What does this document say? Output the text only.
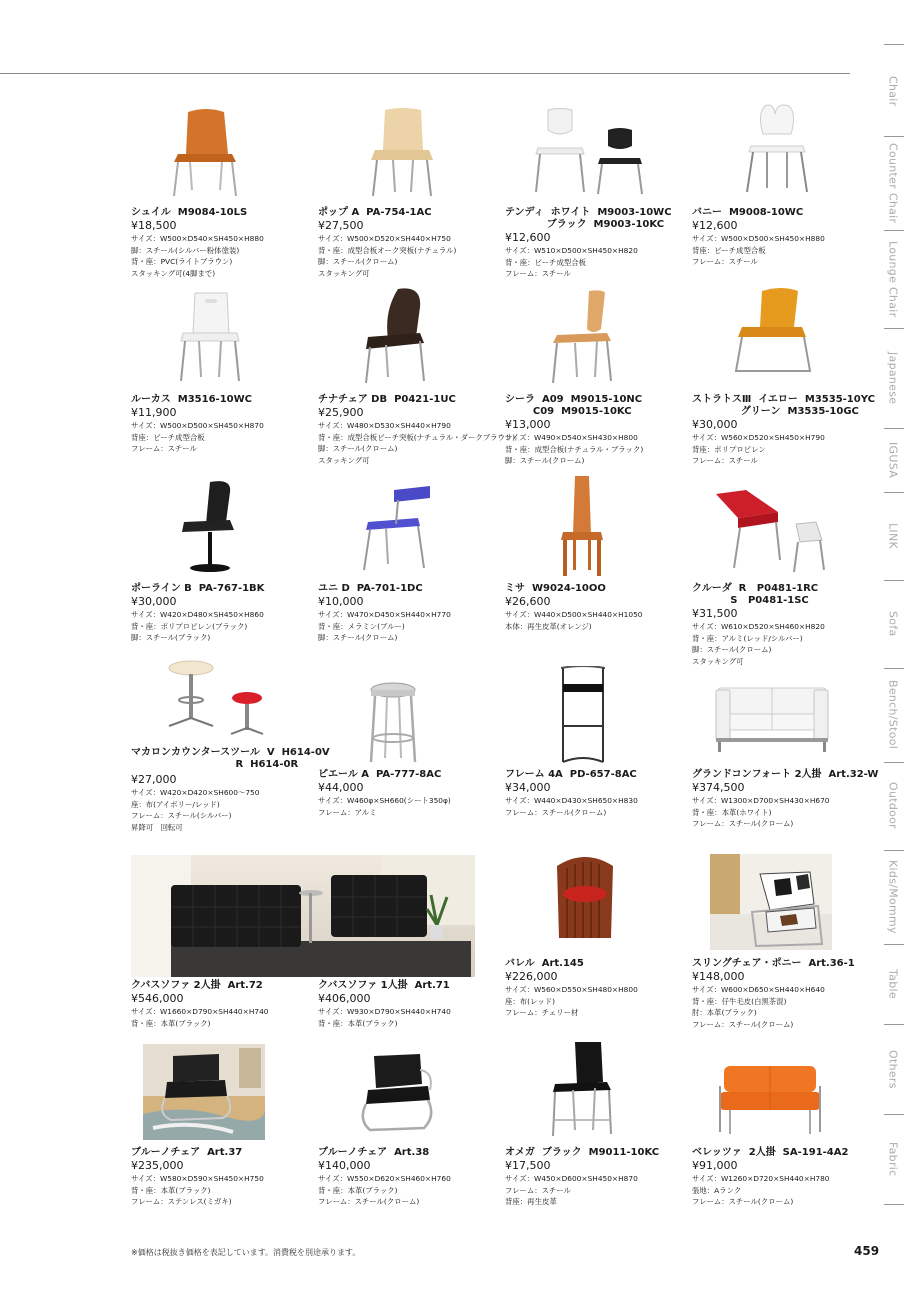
Chair
Counter Chair
Lounge Chair
Japanese
IGUSA
LINK
Sofa
Bench/Stool
Outdoor
Kids/Mommy
Table
Others
Fabric
シュイル  M9084-10LS
¥18,500
サイズ：W500×D540×SH450×H880
脚：スチール(シルバー粉体塗装)
背・座：PVC(ライトブラウン)
スタッキング可(4脚まで)
ポップ A  PA-754-1AC
¥27,500
サイズ：W500×D520×SH440×H750
背・座：成型合板オーク突板(ナチュラル)
脚：スチール(クローム)
スタッキング可
テンディ  ホワイト  M9003-10WC
ブラック  M9003-10KC
¥12,600
サイズ：W510×D500×SH450×H820
背・座：ビーチ成型合板
フレーム：スチール
バニー  M9008-10WC
¥12,600
サイズ：W500×D500×SH450×H880
背座：ビーチ成型合板
フレーム：スチール
ルーカス  M3516-10WC
¥11,900
サイズ：W500×D500×SH450×H870
背座：ビーチ成型合板
フレーム：スチール
チナチェア DB  P0421-1UC
¥25,900
サイズ：W480×D530×SH440×H790
背・座：成型合板ビーチ突板(ナチュラル・ダークブラウン)
脚：スチール(クローム)
スタッキング可
シーラ  A09  M9015-10NC
C09  M9015-10KC
¥13,000
サイズ：W490×D540×SH430×H800
背・座：成型合板(ナチュラル・ブラック)
脚：スチール(クローム)
ストラトスⅢ  イエロー  M3535-10YC
グリーン  M3535-10GC
¥30,000
サイズ：W560×D520×SH450×H790
背座：ポリプロピレン
フレーム：スチール
ポーライン B  PA-767-1BK
¥30,000
サイズ：W420×D480×SH450×H860
背・座：ポリプロピレン(ブラック)
脚：スチール(ブラック)
ユニ D  PA-701-1DC
¥10,000
サイズ：W470×D450×SH440×H770
背・座：メラミン(ブルー)
脚：スチール(クローム)
ミサ  W9024-10OO
¥26,600
サイズ：W440×D500×SH440×H1050
本体：再生皮革(オレンジ)
クルーダ  R   P0481-1RC
S   P0481-1SC
¥31,500
サイズ：W610×D520×SH460×H820
背・座：アルミ(レッド/シルバー)
脚：スチール(クローム)
スタッキング可
マカロンカウンタースツール  V  H614-0V
R  H614-0R
¥27,000
サイズ：W420×D420×SH600～750
座：布(アイボリー/レッド)
フレーム：スチール(シルバー)
昇降可　回転可
ピエール A  PA-777-8AC
¥44,000
サイズ：W460φ×SH660(シート350φ)
フレーム：アルミ
フレーム 4A  PD-657-8AC
¥34,000
サイズ：W440×D430×SH650×H830
フレーム：スチール(クローム)
グランドコンフォート 2人掛  Art.32-W
¥374,500
サイズ：W1300×D700×SH430×H670
背・座：本革(ホワイト)
フレーム：スチール(クローム)
クバスソファ 2人掛  Art.72
¥546,000
サイズ：W1660×D790×SH440×H740
背・座：本革(ブラック)
クバスソファ 1人掛  Art.71
¥406,000
サイズ：W930×D790×SH440×H740
背・座：本革(ブラック)
バレル  Art.145
¥226,000
サイズ：W560×D550×SH480×H800
座：布(レッド)
フレーム：チェリー材
スリングチェア・ポニー  Art.36-1
¥148,000
サイズ：W600×D650×SH440×H640
背・座：仔牛毛皮(白黒茶混)
肘：本革(ブラック)
フレーム：スチール(クローム)
ブルーノチェア  Art.37
¥235,000
サイズ：W580×D590×SH450×H750
背・座：本革(ブラック)
フレーム：ステンレス(ミガキ)
ブルーノチェア  Art.38
¥140,000
サイズ：W550×D620×SH460×H760
背・座：本革(ブラック)
フレーム：スチール(クローム)
オメガ  ブラック  M9011-10KC
¥17,500
サイズ：W450×D600×SH450×H870
フレーム：スチール
背座：再生皮革
ベレッツァ  2人掛  SA-191-4A2
¥91,000
サイズ：W1260×D720×SH440×H780
張地：Aランク
フレーム：スチール(クローム)
※価格は税抜き価格を表記しています。消費税を別途承ります。	459
